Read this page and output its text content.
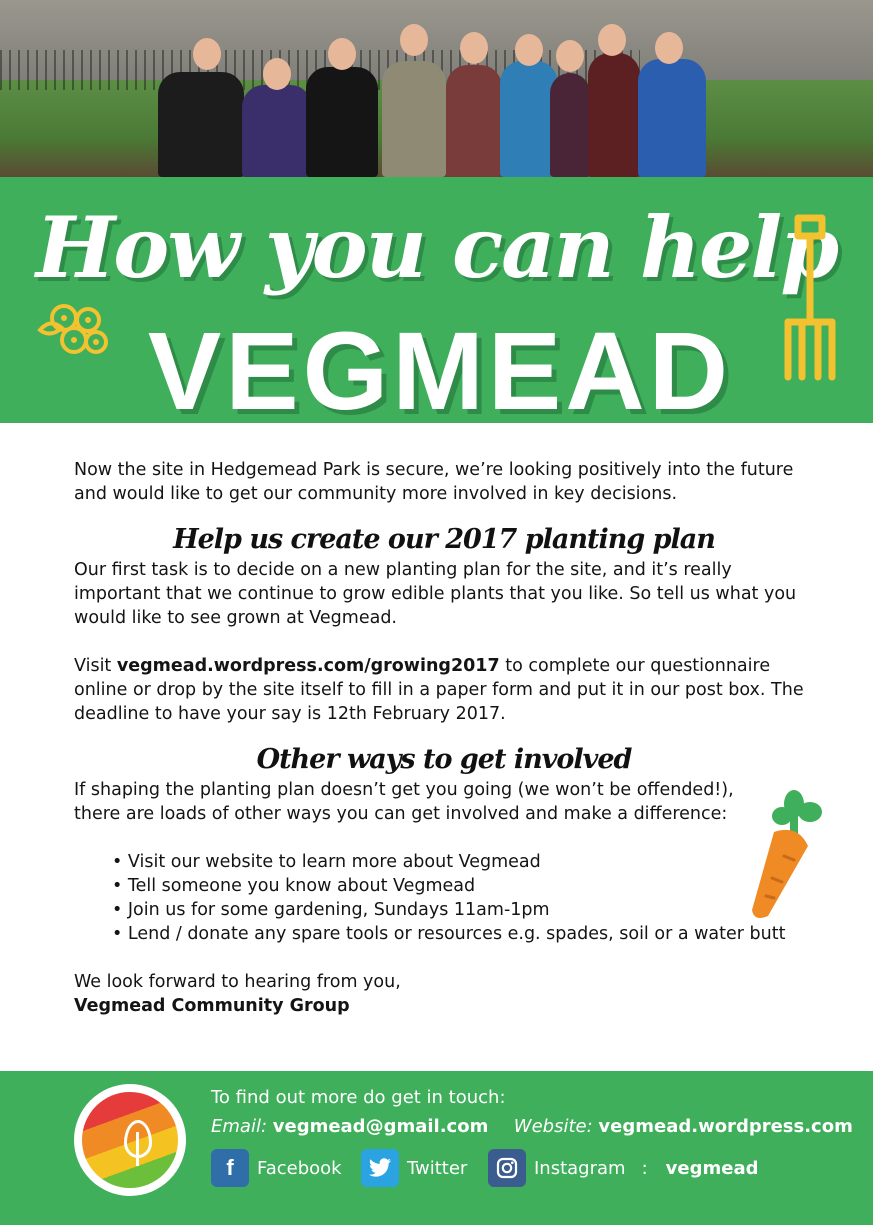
How you can help
VEGMEAD

Now the site in Hedgemead Park is secure, we’re looking positively into the future and would like to get our community more involved in key decisions.

Help us create our 2017 planting plan

Our first task is to decide on a new planting plan for the site, and it’s really important that we continue to grow edible plants that you like. So tell us what you would like to see grown at Vegmead.

Visit vegmead.wordpress.com/growing2017 to complete our questionnaire online or drop by the site itself to fill in a paper form and put it in our post box. The deadline to have your say is 12th February 2017.

Other ways to get involved

If shaping the planting plan doesn’t get you going (we won’t be offended!), there are loads of other ways you can get involved and make a difference:

• Visit our website to learn more about Vegmead
• Tell someone you know about Vegmead
• Join us for some gardening, Sundays 11am-1pm
• Lend / donate any spare tools or resources e.g. spades, soil or a water butt

We look forward to hearing from you,

Vegmead Community Group

To find out more do get in touch:
Email: vegmead@gmail.com Website: vegmead.wordpress.com
f	Facebook	Twitter	Instagram : vegmead
